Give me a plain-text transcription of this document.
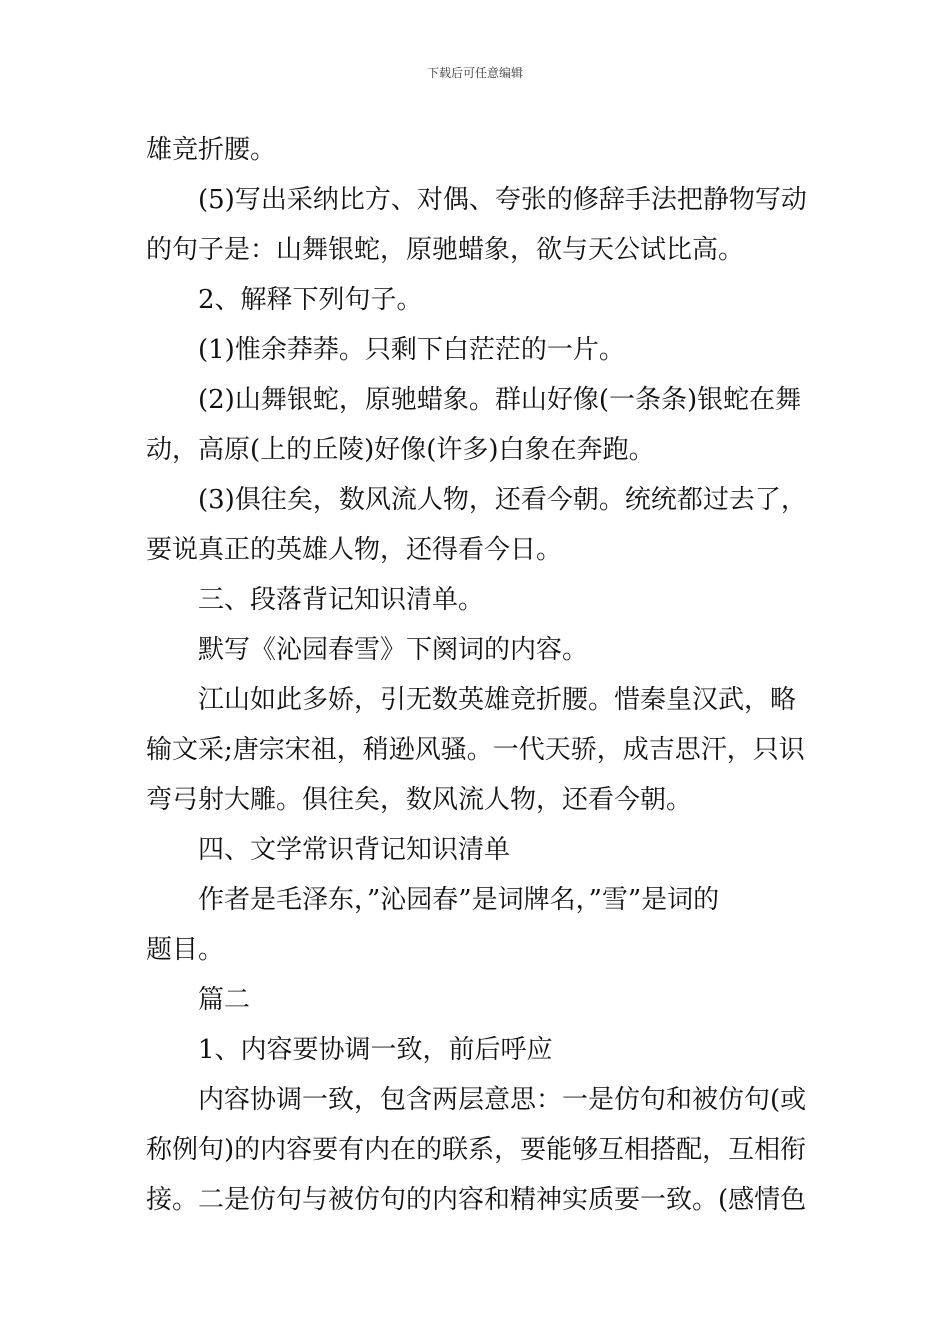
下载后可任意编辑
雄竞折腰。
　　(5)写出采纳比方、对偶、夸张的修辞手法把静物写动
的句子是：山舞银蛇，原驰蜡象，欲与天公试比高。
　　2、解释下列句子。
　　(1)惟余莽莽。只剩下白茫茫的一片。
　　(2)山舞银蛇，原驰蜡象。群山好像(一条条)银蛇在舞
动，高原(上的丘陵)好像(许多)白象在奔跑。
　　(3)俱往矣，数风流人物，还看今朝。统统都过去了，
要说真正的英雄人物，还得看今日。
　　三、段落背记知识清单。
　　默写《沁园春雪》下阕词的内容。
　　江山如此多娇，引无数英雄竞折腰。惜秦皇汉武，略
输文采;唐宗宋祖，稍逊风骚。一代天骄，成吉思汗，只识
弯弓射大雕。俱往矣，数风流人物，还看今朝。
　　四、文学常识背记知识清单
　　作者是毛泽东，”沁园春”是词牌名，”雪”是词的
题目。
　　篇二
　　1、内容要协调一致，前后呼应
　　内容协调一致，包含两层意思：一是仿句和被仿句(或
称例句)的内容要有内在的联系，要能够互相搭配，互相衔
接。二是仿句与被仿句的内容和精神实质要一致。(感情色
